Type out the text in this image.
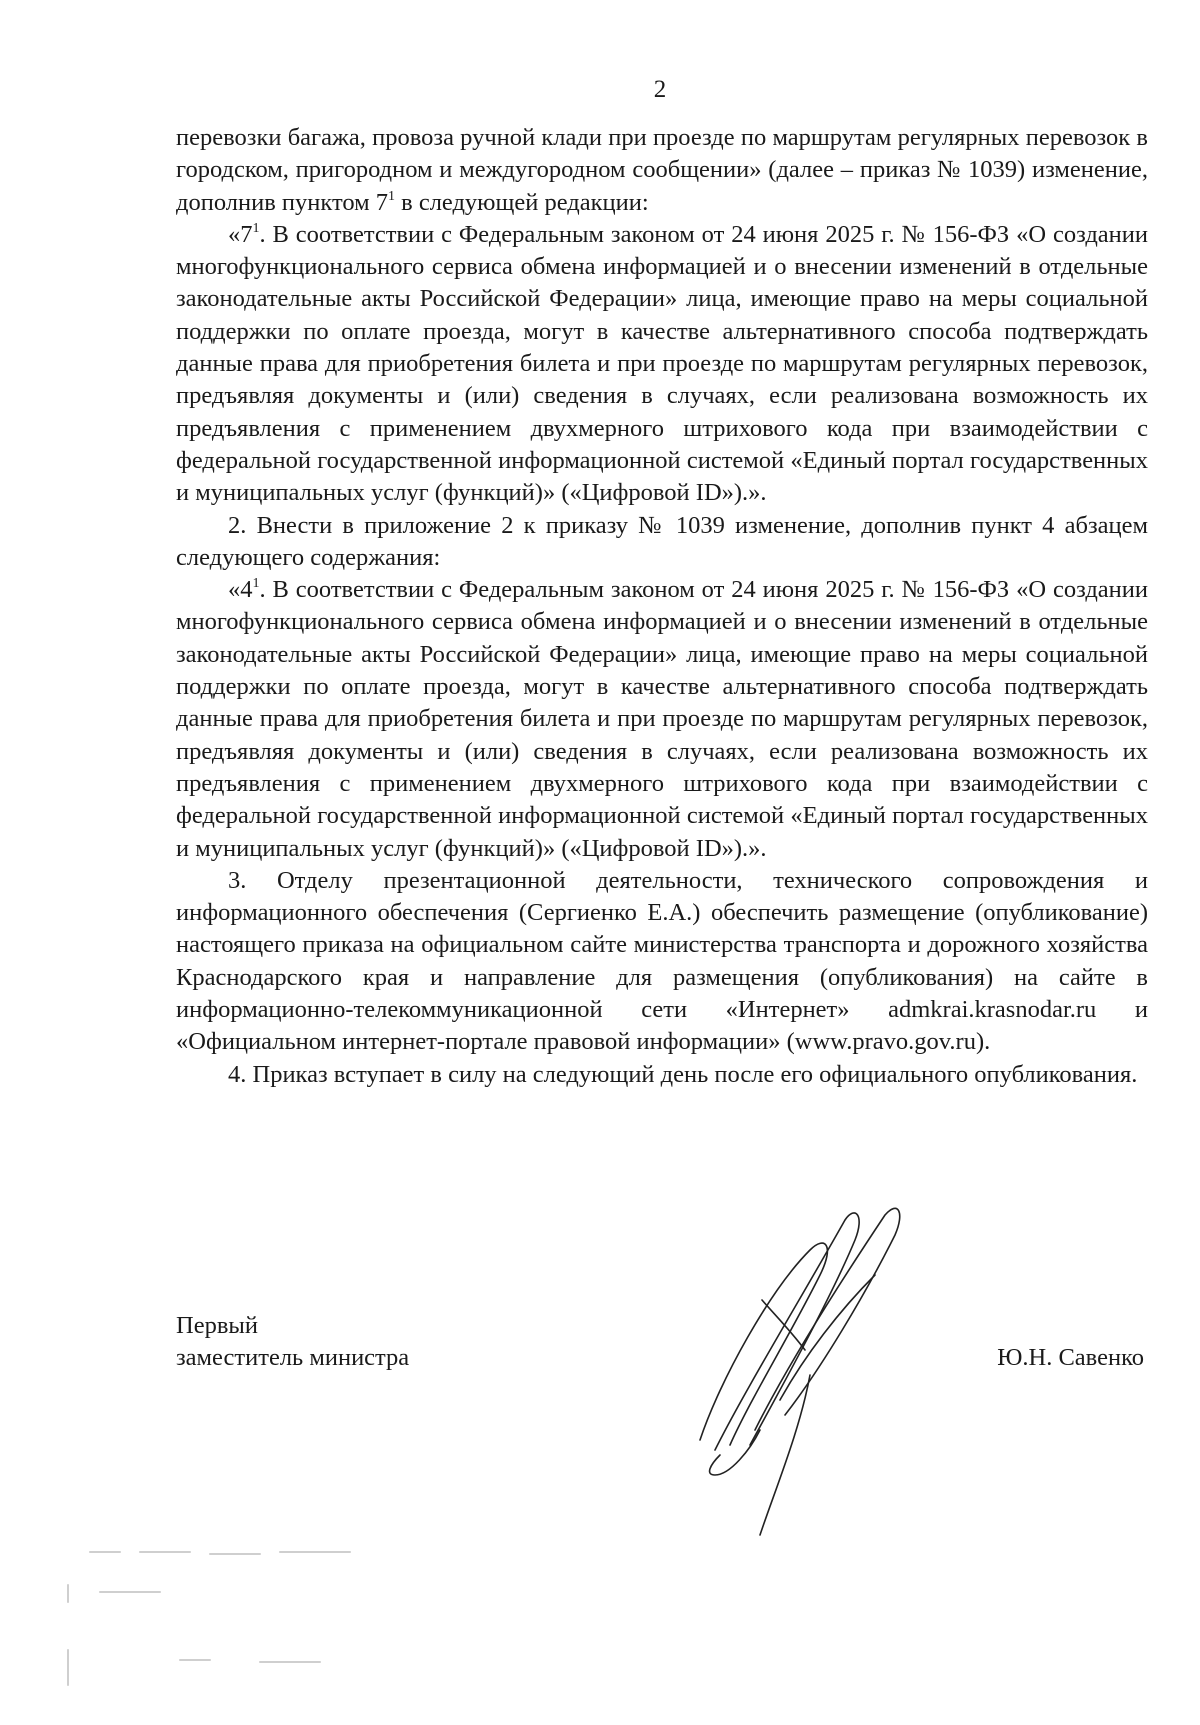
2

перевозки багажа, провоза ручной клади при проезде по маршрутам регулярных перевозок в городском, пригородном и междугородном сообщении» (далее – приказ № 1039) изменение, дополнив пунктом $7^1$ в следующей редакции:

«$7^1$. В соответствии с Федеральным законом от 24 июня 2025 г. № 156-ФЗ «О создании многофункционального сервиса обмена информацией и о внесении изменений в отдельные законодательные акты Российской Федерации» лица, имеющие право на меры социальной поддержки по оплате проезда, могут в качестве альтернативного способа подтверждать данные права для приобретения билета и при проезде по маршрутам регулярных перевозок, предъявляя документы и (или) сведения в случаях, если реализована возможность их предъявления с применением двухмерного штрихового кода при взаимодействии с федеральной государственной информационной системой «Единый портал государственных и муниципальных услуг (функций)» («Цифровой ID»).».

2. Внести в приложение 2 к приказу № 1039 изменение, дополнив пункт 4 абзацем следующего содержания:

«$4^1$. В соответствии с Федеральным законом от 24 июня 2025 г. № 156-ФЗ «О создании многофункционального сервиса обмена информацией и о внесении изменений в отдельные законодательные акты Российской Федерации» лица, имеющие право на меры социальной поддержки по оплате проезда, могут в качестве альтернативного способа подтверждать данные права для приобретения билета и при проезде по маршрутам регулярных перевозок, предъявляя документы и (или) сведения в случаях, если реализована возможность их предъявления с применением двухмерного штрихового кода при взаимодействии с федеральной государственной информационной системой «Единый портал государственных и муниципальных услуг (функций)» («Цифровой ID»).».

3. Отделу презентационной деятельности, технического сопровождения и информационного обеспечения (Сергиенко Е.А.) обеспечить размещение (опубликование) настоящего приказа на официальном сайте министерства транспорта и дорожного хозяйства Краснодарского края и направление для размещения (опубликования) на сайте в информационно-телекоммуникационной сети «Интернет» admkrai.krasnodar.ru и «Официальном интернет-портале правовой информации» (www.pravo.gov.ru).

4. Приказ вступает в силу на следующий день после его официального опубликования.

Первый
заместитель министра	Ю.Н. Савенко
